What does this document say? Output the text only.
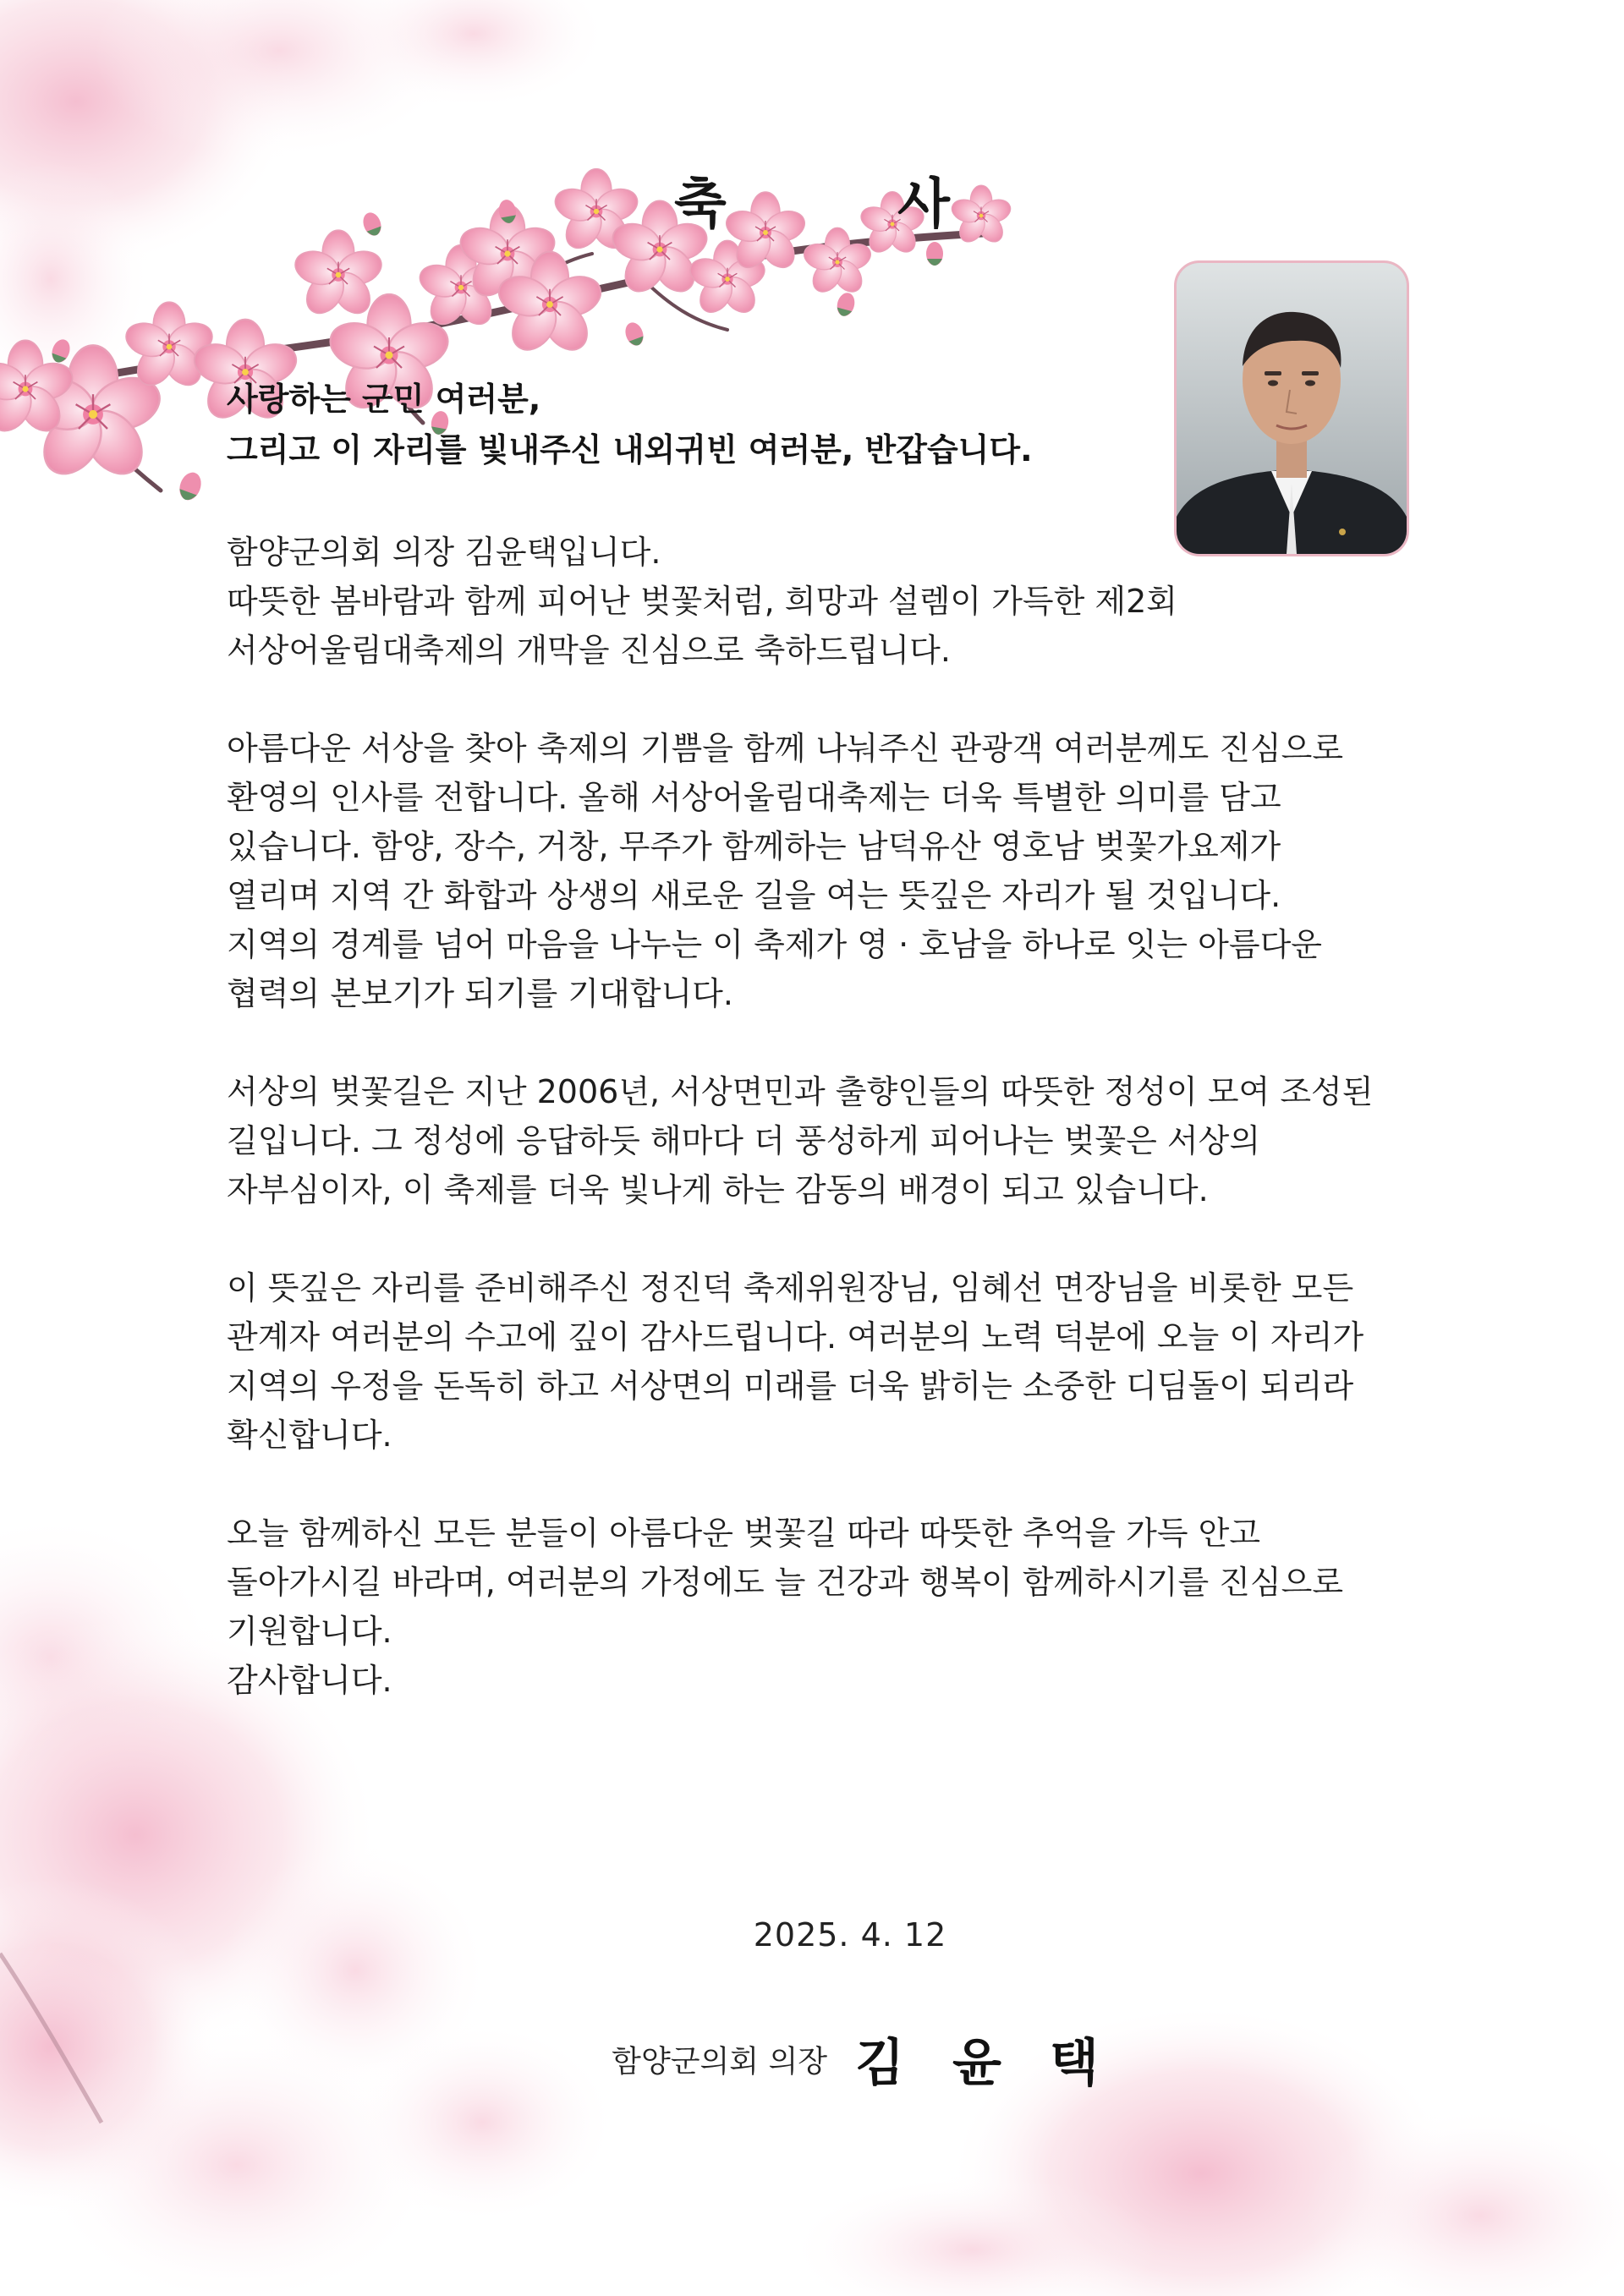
축 사
사랑하는 군민 여러분,
그리고 이 자리를 빛내주신 내외귀빈 여러분, 반갑습니다.

함양군의회 의장 김윤택입니다.
따뜻한 봄바람과 함께 피어난 벚꽃처럼, 희망과 설렘이 가득한 제2회
서상어울림대축제의 개막을 진심으로 축하드립니다.

아름다운 서상을 찾아 축제의 기쁨을 함께 나눠주신 관광객 여러분께도 진심으로
환영의 인사를 전합니다. 올해 서상어울림대축제는 더욱 특별한 의미를 담고
있습니다. 함양, 장수, 거창, 무주가 함께하는 남덕유산 영호남 벚꽃가요제가
열리며 지역 간 화합과 상생의 새로운 길을 여는 뜻깊은 자리가 될 것입니다.
지역의 경계를 넘어 마음을 나누는 이 축제가 영 · 호남을 하나로 잇는 아름다운
협력의 본보기가 되기를 기대합니다.

서상의 벚꽃길은 지난 2006년, 서상면민과 출향인들의 따뜻한 정성이 모여 조성된
길입니다. 그 정성에 응답하듯 해마다 더 풍성하게 피어나는 벚꽃은 서상의
자부심이자, 이 축제를 더욱 빛나게 하는 감동의 배경이 되고 있습니다.

이 뜻깊은 자리를 준비해주신 정진덕 축제위원장님, 임혜선 면장님을 비롯한 모든
관계자 여러분의 수고에 깊이 감사드립니다. 여러분의 노력 덕분에 오늘 이 자리가
지역의 우정을 돈독히 하고 서상면의 미래를 더욱 밝히는 소중한 디딤돌이 되리라
확신합니다.

오늘 함께하신 모든 분들이 아름다운 벚꽃길 따라 따뜻한 추억을 가득 안고
돌아가시길 바라며, 여러분의 가정에도 늘 건강과 행복이 함께하시기를 진심으로
기원합니다.
감사합니다.

2025. 4. 12
함양군의회 의장 김 윤 택
